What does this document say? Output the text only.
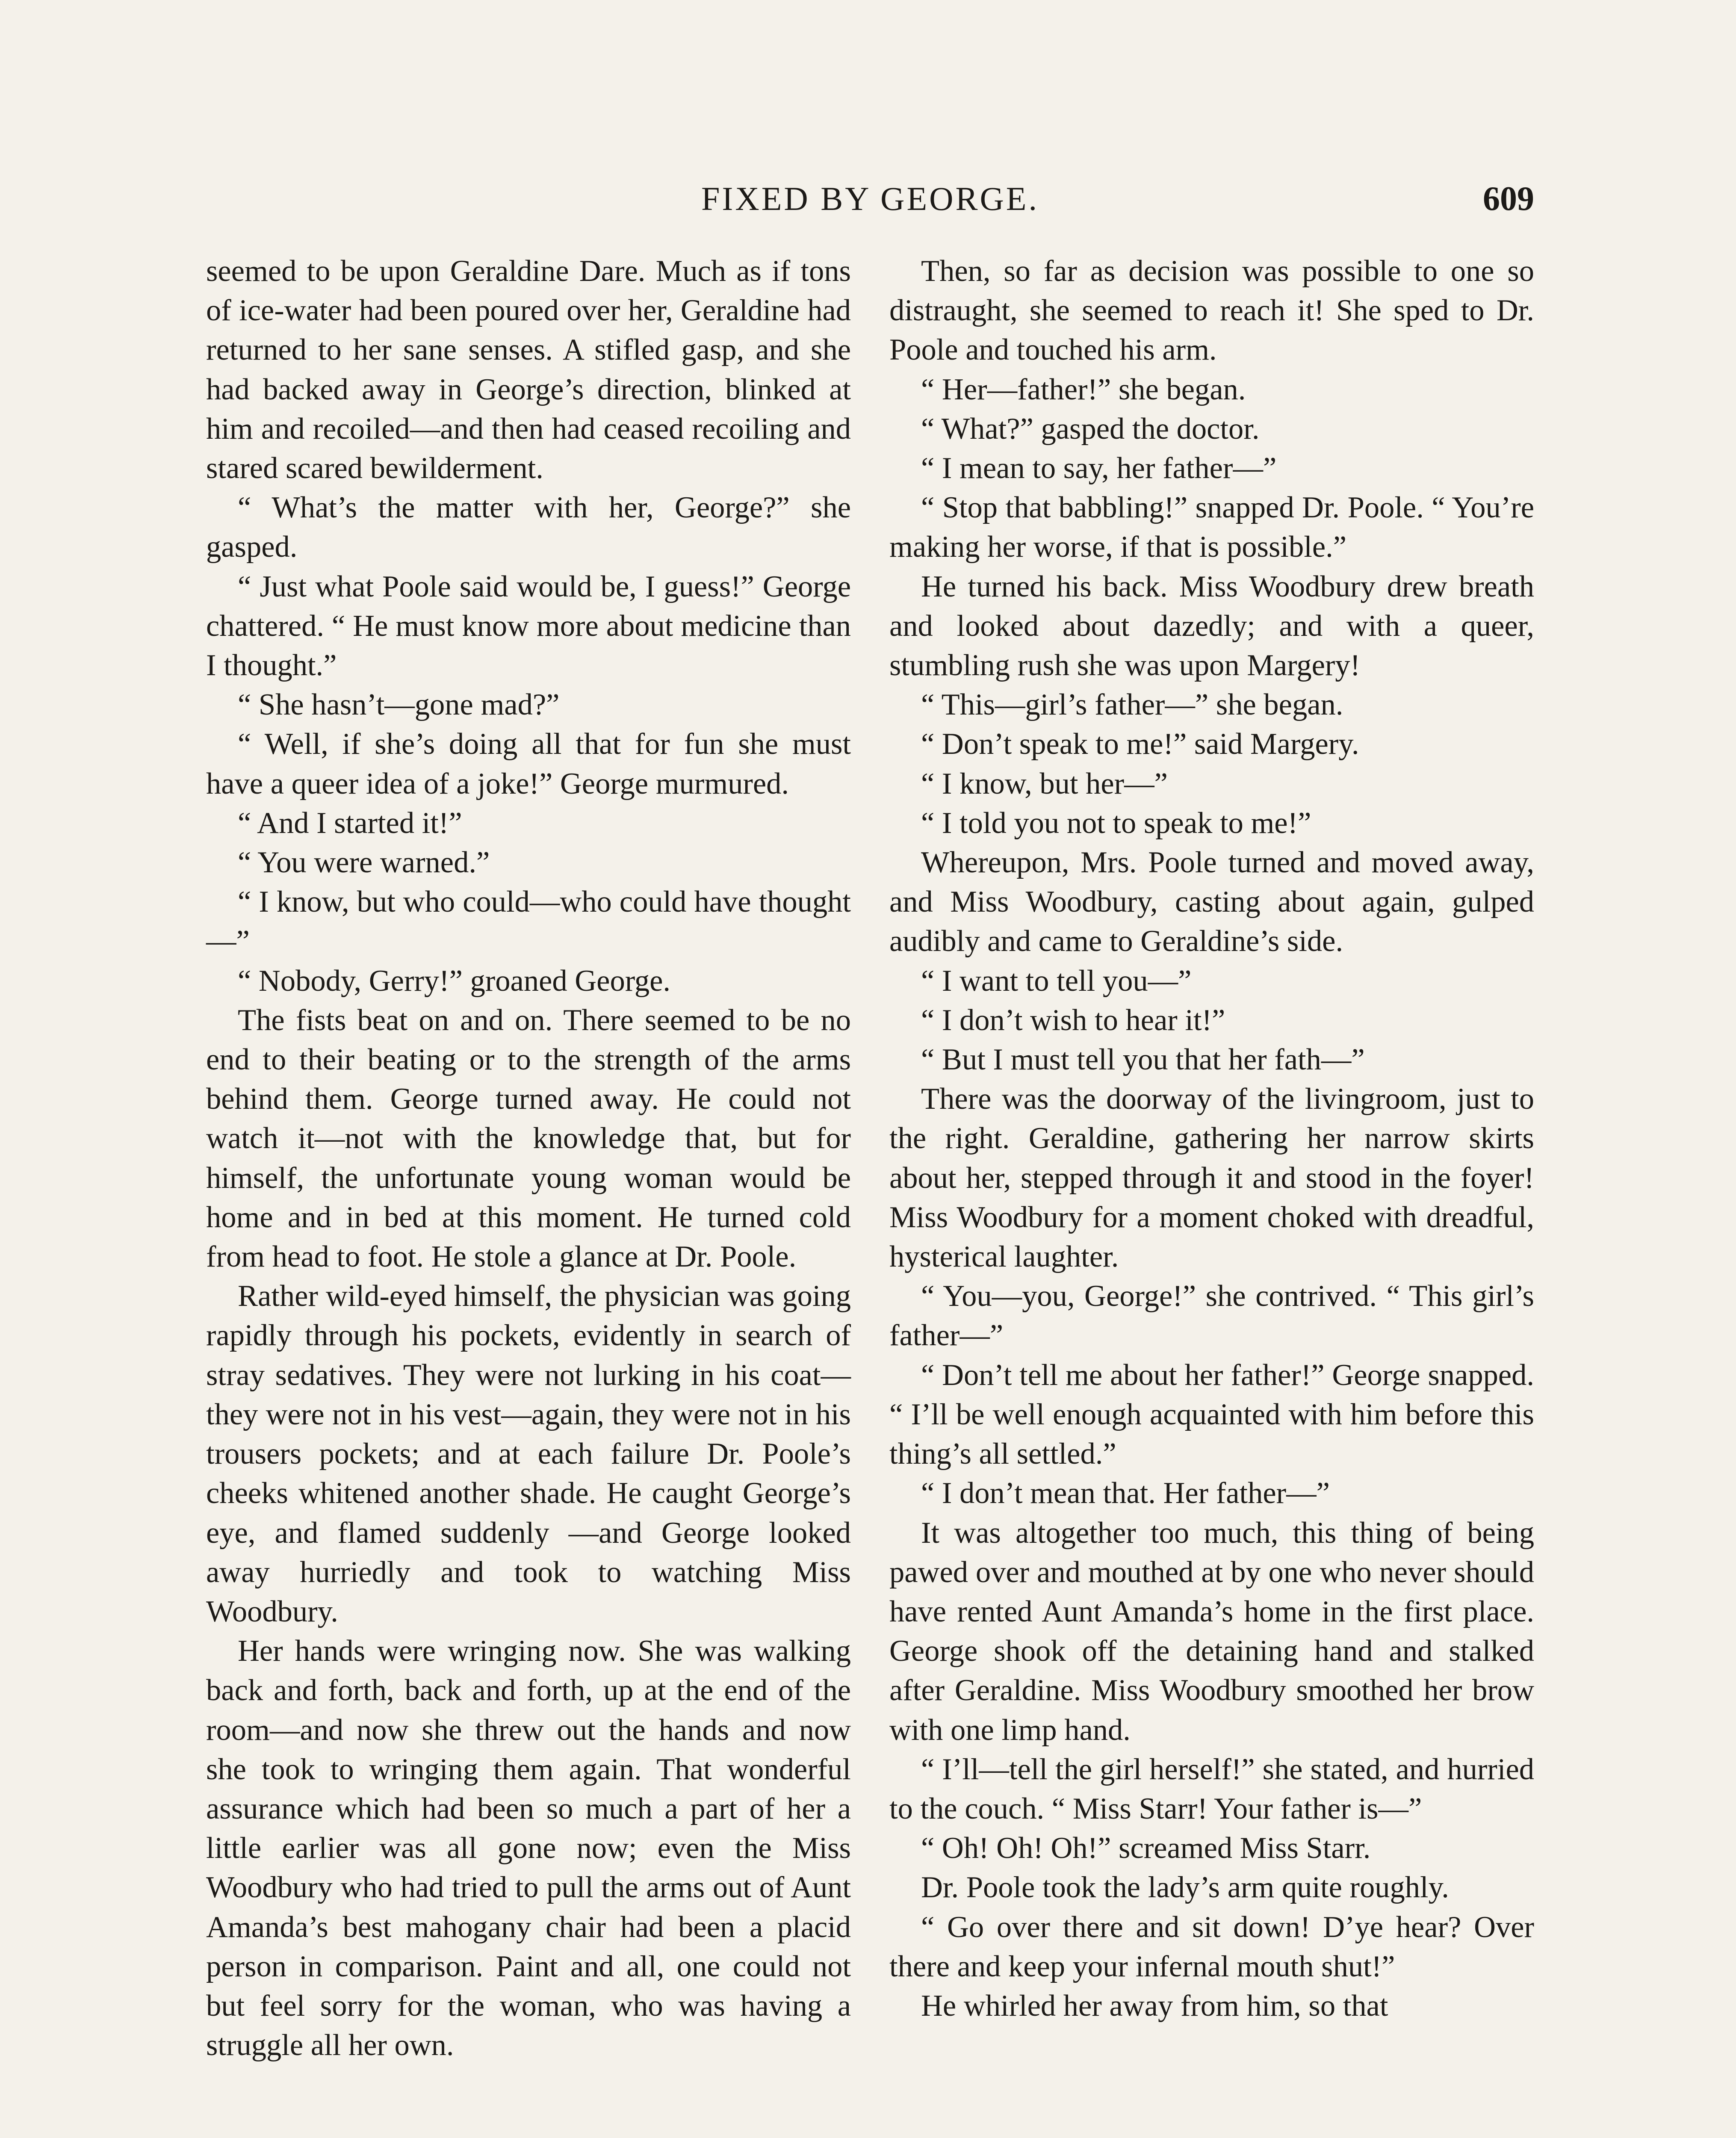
FIXED BY GEORGE.	609

seemed to be upon Geraldine Dare. Much as if tons of ice-water had been poured over her, Geraldine had returned to her sane senses. A stifled gasp, and she had backed away in George’s direction, blinked at him and recoiled—and then had ceased recoiling and stared scared bewilderment.

“ What’s the matter with her, George?” she gasped.

“ Just what Poole said would be, I guess!” George chattered. “ He must know more about medicine than I thought.”

“ She hasn’t—gone mad?”

“ Well, if she’s doing all that for fun she must have a queer idea of a joke!” George murmured.

“ And I started it!”

“ You were warned.”

“ I know, but who could—who could have thought—”

“ Nobody, Gerry!” groaned George.

The fists beat on and on. There seemed to be no end to their beating or to the strength of the arms behind them. George turned away. He could not watch it—not with the knowledge that, but for himself, the unfortunate young woman would be home and in bed at this moment. He turned cold from head to foot. He stole a glance at Dr. Poole.

Rather wild-eyed himself, the physician was going rapidly through his pockets, evidently in search of stray sedatives. They were not lurking in his coat—they were not in his vest—again, they were not in his trousers pockets; and at each failure Dr. Poole’s cheeks whitened another shade. He caught George’s eye, and flamed suddenly —and George looked away hurriedly and took to watching Miss Woodbury.

Her hands were wringing now. She was walking back and forth, back and forth, up at the end of the room—and now she threw out the hands and now she took to wringing them again. That wonderful assurance which had been so much a part of her a little earlier was all gone now; even the Miss Woodbury who had tried to pull the arms out of Aunt Amanda’s best mahogany chair had been a placid person in comparison. Paint and all, one could not but feel sorry for the woman, who was having a struggle all her own.

Then, so far as decision was possible to one so distraught, she seemed to reach it! She sped to Dr. Poole and touched his arm.

“ Her—father!” she began.

“ What?” gasped the doctor.

“ I mean to say, her father—”

“ Stop that babbling!” snapped Dr. Poole. “ You’re making her worse, if that is possible.”

He turned his back. Miss Woodbury drew breath and looked about dazedly; and with a queer, stumbling rush she was upon Margery!

“ This—girl’s father—” she began.

“ Don’t speak to me!” said Margery.

“ I know, but her—”

“ I told you not to speak to me!”

Whereupon, Mrs. Poole turned and moved away, and Miss Woodbury, casting about again, gulped audibly and came to Geraldine’s side.

“ I want to tell you—”

“ I don’t wish to hear it!”

“ But I must tell you that her fath—”

There was the doorway of the livingroom, just to the right. Geraldine, gathering her narrow skirts about her, stepped through it and stood in the foyer! Miss Woodbury for a moment choked with dreadful, hysterical laughter.

“ You—you, George!” she contrived. “ This girl’s father—”

“ Don’t tell me about her father!” George snapped. “ I’ll be well enough acquainted with him before this thing’s all settled.”

“ I don’t mean that. Her father—”

It was altogether too much, this thing of being pawed over and mouthed at by one who never should have rented Aunt Amanda’s home in the first place. George shook off the detaining hand and stalked after Geraldine. Miss Woodbury smoothed her brow with one limp hand.

“ I’ll—tell the girl herself!” she stated, and hurried to the couch. “ Miss Starr! Your father is—”

“ Oh! Oh! Oh!” screamed Miss Starr.

Dr. Poole took the lady’s arm quite roughly.

“ Go over there and sit down! D’ye hear? Over there and keep your infernal mouth shut!”

He whirled her away from him, so that
